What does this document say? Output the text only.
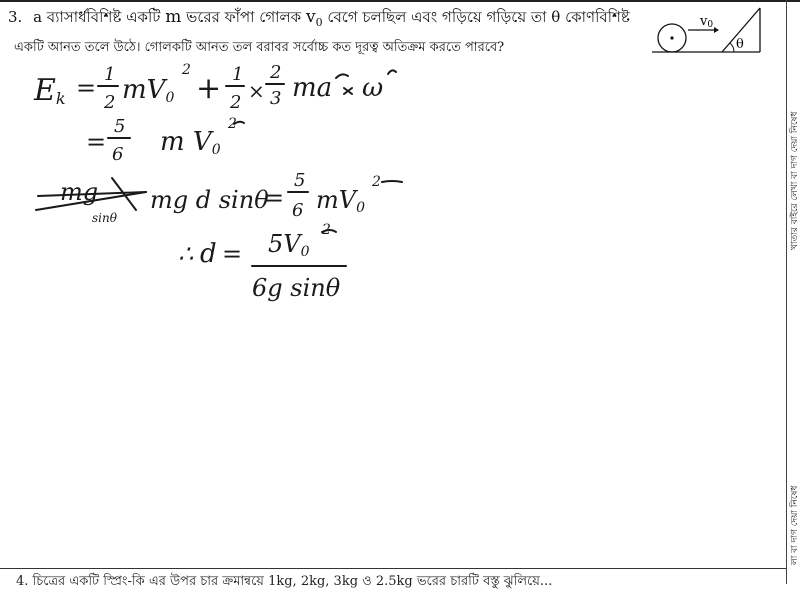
3. a ব্যাসার্ধবিশিষ্ট একটি m ভরের ফাঁপা গোলক $v_0$ বেগে চলছিল এবং গড়িয়ে গড়িয়ে তা θ কোণবিশিষ্ট
একটি আনত তলে উঠে। গোলকটি আনত তল বরাবর সর্বোচ্চ কত দূরত্ব অতিক্রম করতে পারবে?
v0
θ
Ek = 1
2 mV0
2
+ 1
2 ×
2
3 ma ω
=
5
6 m V0
2
mg
sinθ
mg d sinθ
=
5
6 mV0
2
∴ d = 5V0
2
6g sinθ
খাতার বাইরে লেখা বা দাগ দেয়া নিষেধ
লা বা দাগ দেয়া নিষেধ
4. চিত্রের একটি স্প্রিং-কি এর উপর চার ক্রমান্বয়ে 1kg, 2kg, 3kg ও 2.5kg ভরের চারটি বস্তু ঝুলিয়ে...
